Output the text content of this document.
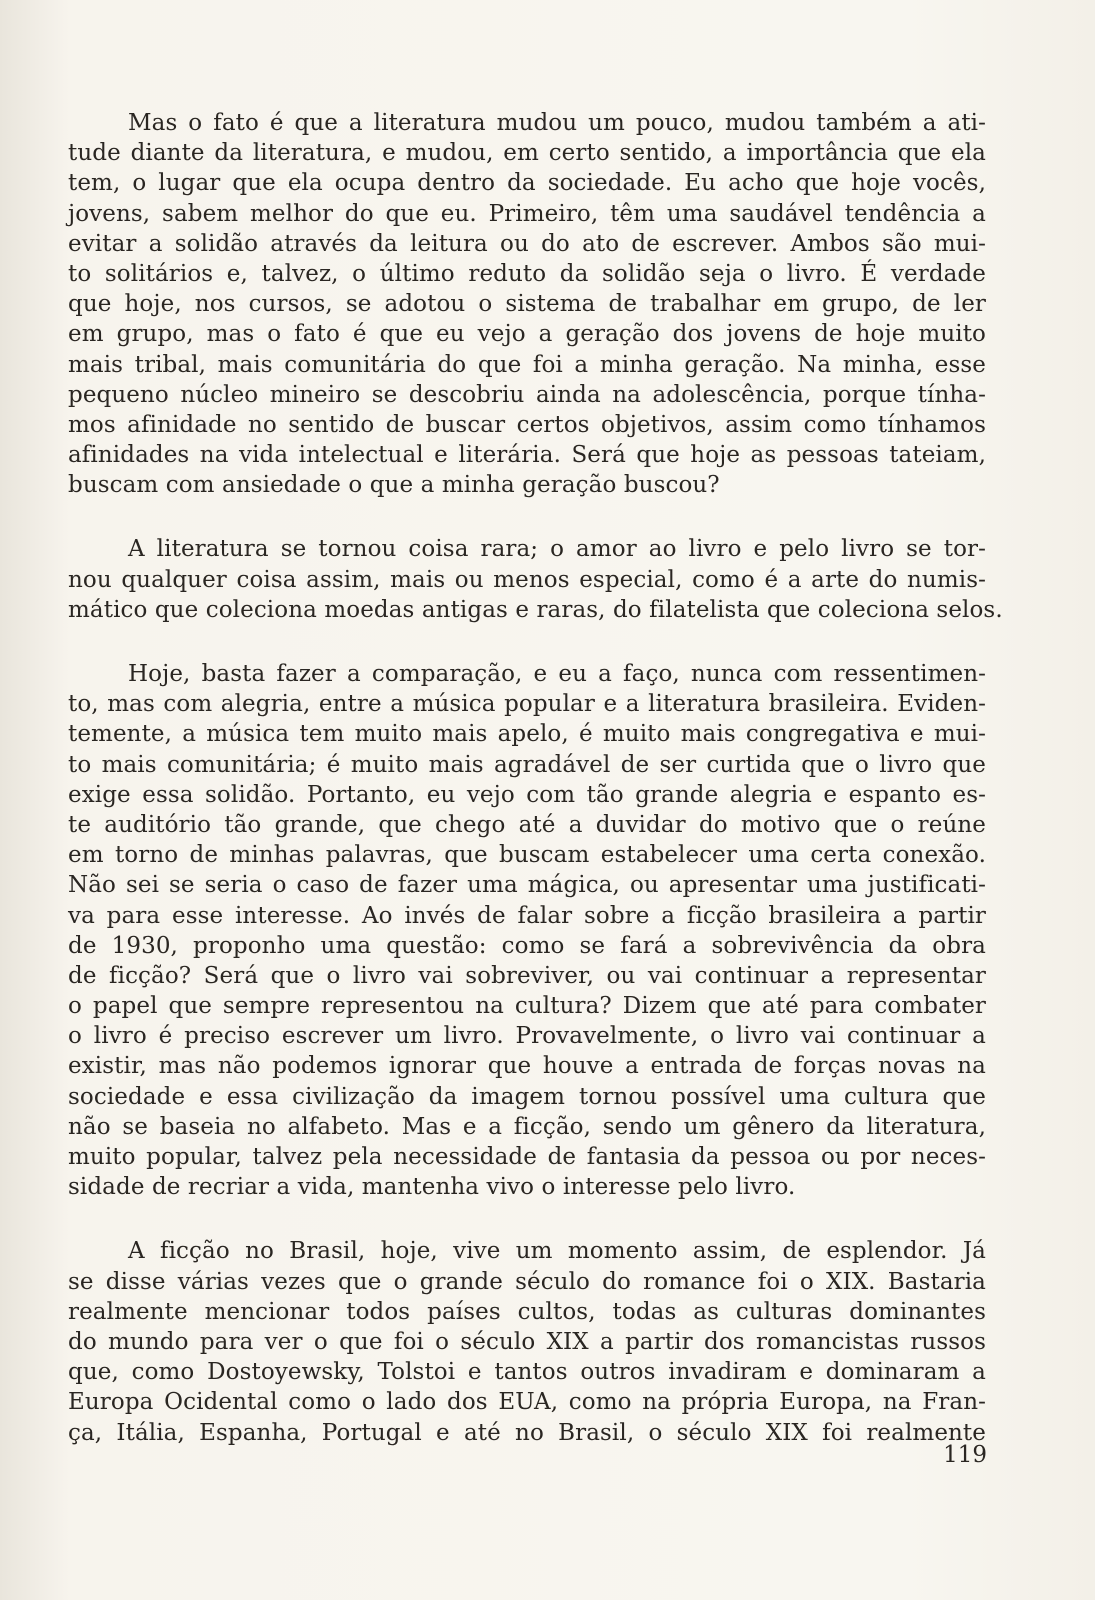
Mas o fato é que a literatura mudou um pouco, mudou também a ati-
tude diante da literatura, e mudou, em certo sentido, a importância que ela
tem, o lugar que ela ocupa dentro da sociedade. Eu acho que hoje vocês,
jovens, sabem melhor do que eu. Primeiro, têm uma saudável tendência a
evitar a solidão através da leitura ou do ato de escrever. Ambos são mui-
to solitários e, talvez, o último reduto da solidão seja o livro. É verdade
que hoje, nos cursos, se adotou o sistema de trabalhar em grupo, de ler
em grupo, mas o fato é que eu vejo a geração dos jovens de hoje muito
mais tribal, mais comunitária do que foi a minha geração. Na minha, esse
pequeno núcleo mineiro se descobriu ainda na adolescência, porque tínha-
mos afinidade no sentido de buscar certos objetivos, assim como tínhamos
afinidades na vida intelectual e literária. Será que hoje as pessoas tateiam,
buscam com ansiedade o que a minha geração buscou?
A literatura se tornou coisa rara; o amor ao livro e pelo livro se tor-
nou qualquer coisa assim, mais ou menos especial, como é a arte do numis-
mático que coleciona moedas antigas e raras, do filatelista que coleciona selos.
Hoje, basta fazer a comparação, e eu a faço, nunca com ressentimen-
to, mas com alegria, entre a música popular e a literatura brasileira. Eviden-
temente, a música tem muito mais apelo, é muito mais congregativa e mui-
to mais comunitária; é muito mais agradável de ser curtida que o livro que
exige essa solidão. Portanto, eu vejo com tão grande alegria e espanto es-
te auditório tão grande, que chego até a duvidar do motivo que o reúne
em torno de minhas palavras, que buscam estabelecer uma certa conexão.
Não sei se seria o caso de fazer uma mágica, ou apresentar uma justificati-
va para esse interesse. Ao invés de falar sobre a ficção brasileira a partir
de 1930, proponho uma questão: como se fará a sobrevivência da obra
de ficção? Será que o livro vai sobreviver, ou vai continuar a representar
o papel que sempre representou na cultura? Dizem que até para combater
o livro é preciso escrever um livro. Provavelmente, o livro vai continuar a
existir, mas não podemos ignorar que houve a entrada de forças novas na
sociedade e essa civilização da imagem tornou possível uma cultura que
não se baseia no alfabeto. Mas e a ficção, sendo um gênero da literatura,
muito popular, talvez pela necessidade de fantasia da pessoa ou por neces-
sidade de recriar a vida, mantenha vivo o interesse pelo livro.
A ficção no Brasil, hoje, vive um momento assim, de esplendor. Já
se disse várias vezes que o grande século do romance foi o XIX. Bastaria
realmente mencionar todos países cultos, todas as culturas dominantes
do mundo para ver o que foi o século XIX a partir dos romancistas russos
que, como Dostoyewsky, Tolstoi e tantos outros invadiram e dominaram a
Europa Ocidental como o lado dos EUA, como na própria Europa, na Fran-
ça, Itália, Espanha, Portugal e até no Brasil, o século XIX foi realmente
119
